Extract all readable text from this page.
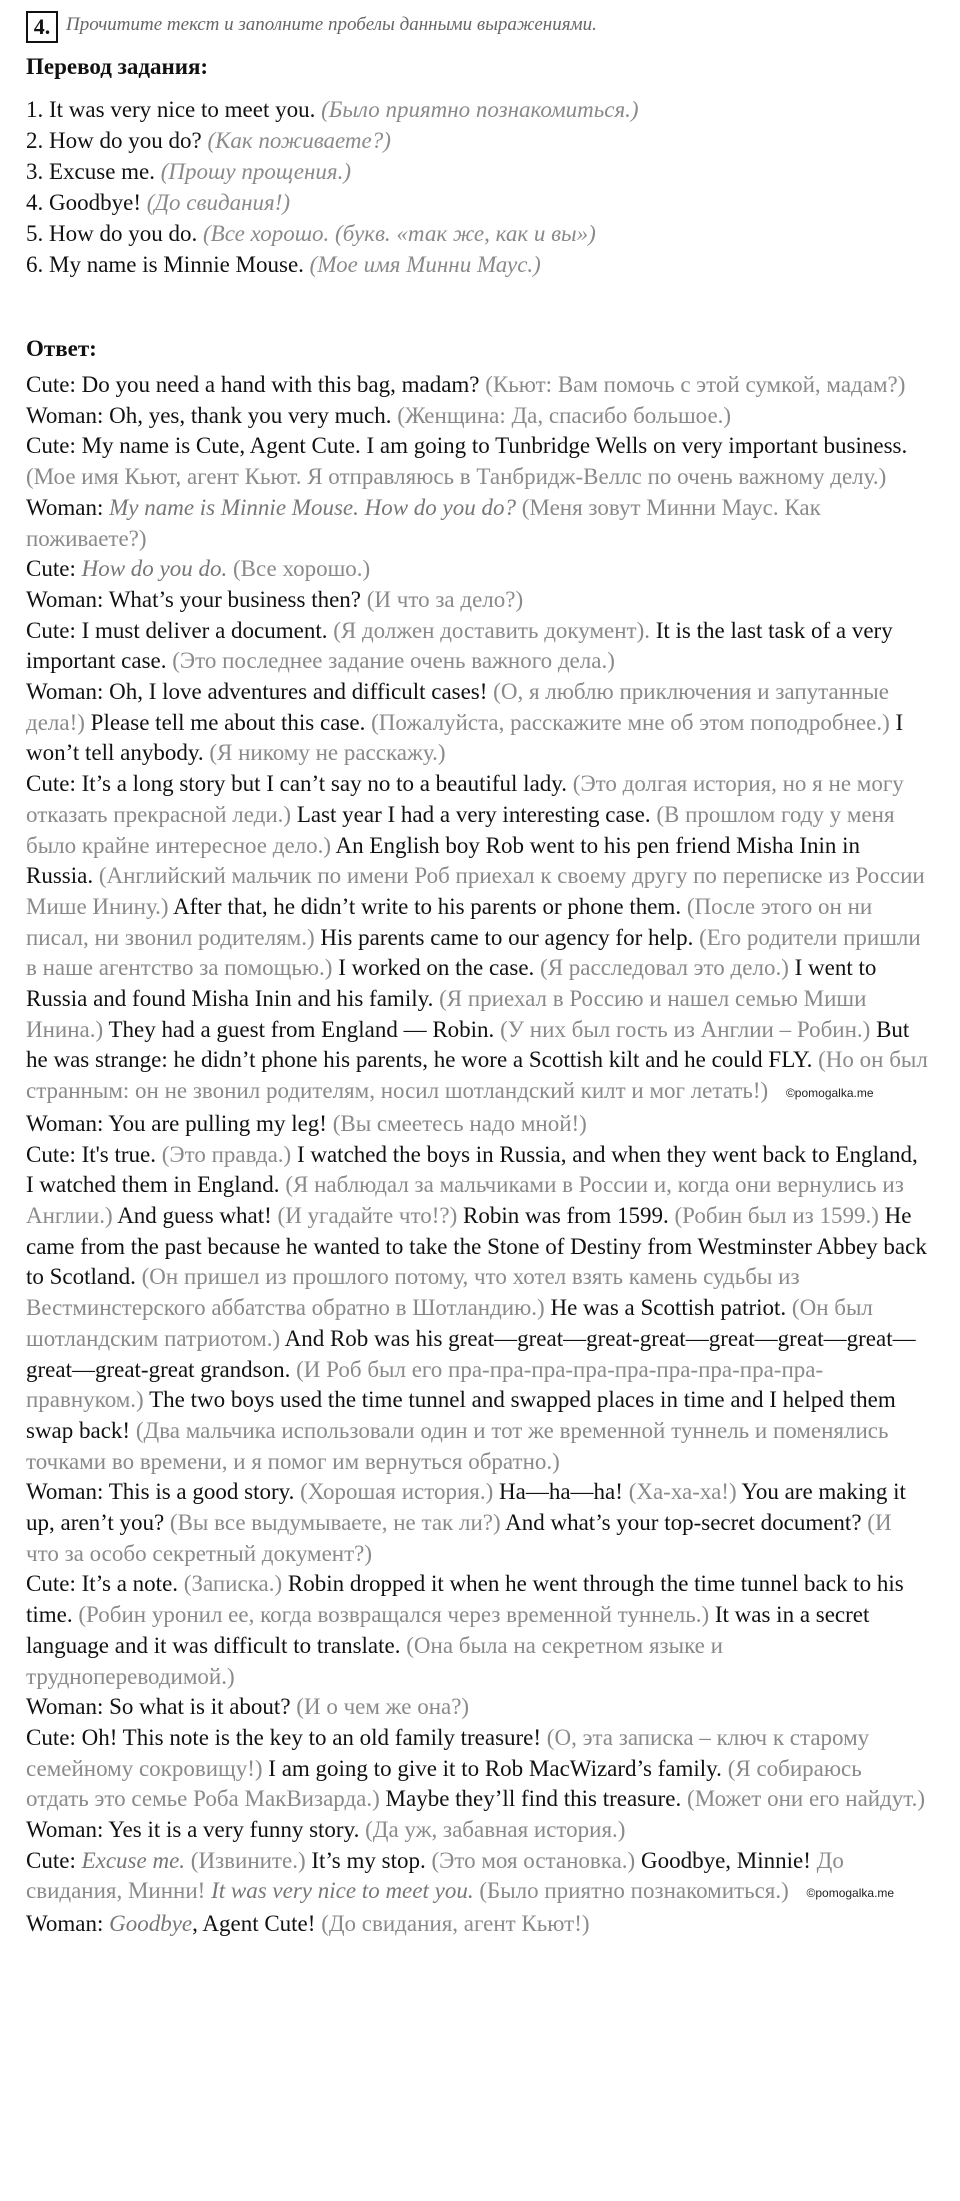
4. Прочитите текст и заполните пробелы данными выражениями.
Перевод задания:
1. It was very nice to meet you. (Было приятно познакомиться.)
2. How do you do? (Как поживаете?)
3. Excuse me. (Прошу прощения.)
4. Goodbye! (До свидания!)
5. How do you do. (Все хорошо. (букв. «так же, как и вы»)
6. My name is Minnie Mouse. (Мое имя Минни Маус.)
Ответ:

Cute: Do you need a hand with this bag, madam? (Кьют: Вам помочь с этой сумкой, мадам?)

Woman: Oh, yes, thank you very much. (Женщина: Да, спасибо большое.)

Cute: My name is Cute, Agent Cute. I am going to Tunbridge Wells on very important business. (Мое имя Кьют, агент Кьют. Я отправляюсь в Танбридж-Веллс по очень важному делу.)

Woman: My name is Minnie Mouse. How do you do? (Меня зовут Минни Маус. Как поживаете?)

Cute: How do you do. (Все хорошо.)

Woman: What’s your business then? (И что за дело?)

Cute: I must deliver a document. (Я должен доставить документ). It is the last task of a very important case. (Это последнее задание очень важного дела.)

Woman: Oh, I love adventures and difficult cases! (О, я люблю приключения и запутанные дела!) Please tell me about this case. (Пожалуйста, расскажите мне об этом поподробнее.) I won’t tell anybody. (Я никому не расскажу.)

Cute: It’s a long story but I can’t say no to a beautiful lady. (Это долгая история, но я не могу отказать прекрасной леди.) Last year I had a very interesting case. (В прошлом году у меня было крайне интересное дело.) An English boy Rob went to his pen friend Misha Inin in Russia. (Английский мальчик по имени Роб приехал к своему другу по переписке из России Мише Инину.) After that, he didn’t write to his parents or phone them. (После этого он ни писал, ни звонил родителям.) His parents came to our agency for help. (Его родители пришли в наше агентство за помощью.) I worked on the case. (Я расследовал это дело.) I went to Russia and found Misha Inin and his family. (Я приехал в Россию и нашел семью Миши Инина.) They had a guest from England — Robin. (У них был гость из Англии – Робин.) But he was strange: he didn’t phone his parents, he wore a Scottish kilt and he could FLY. (Но он был странным: он не звонил родителям, носил шотландский килт и мог летать!) ©pomogalka.me

Woman: You are pulling my leg! (Вы смеетесь надо мной!)

Cute: It's true. (Это правда.) I watched the boys in Russia, and when they went back to England, I watched them in England. (Я наблюдал за мальчиками в России и, когда они вернулись из Англии.) And guess what! (И угадайте что!?) Robin was from 1599. (Робин был из 1599.) He came from the past because he wanted to take the Stone of Destiny from Westminster Abbey back to Scotland. (Он пришел из прошлого потому, что хотел взять камень судьбы из Вестминстерского аббатства обратно в Шотландию.) He was a Scottish patriot. (Он был шотландским патриотом.) And Rob was his great—great—great-great—great—great—great—great—great-great grandson. (И Роб был его пра-пра-пра-пра-пра-пра-пра-пра-пра-правнуком.) The two boys used the time tunnel and swapped places in time and I helped them swap back! (Два мальчика использовали один и тот же временной туннель и поменялись точками во времени, и я помог им вернуться обратно.)

Woman: This is a good story. (Хорошая история.) Ha—ha—ha! (Ха-ха-ха!) You are making it up, aren’t you? (Вы все выдумываете, не так ли?) And what’s your top-secret document? (И что за особо секретный документ?)

Cute: It’s a note. (Записка.) Robin dropped it when he went through the time tunnel back to his time. (Робин уронил ее, когда возвращался через временной туннель.) It was in a secret language and it was difficult to translate. (Она была на секретном языке и труднопереводимой.)

Woman: So what is it about? (И о чем же она?)

Cute: Oh! This note is the key to an old family treasure! (О, эта записка – ключ к старому семейному сокровищу!) I am going to give it to Rob MacWizard’s family. (Я собираюсь отдать это семье Роба МакВизарда.) Maybe they’ll find this treasure. (Может они его найдут.)

Woman: Yes it is a very funny story. (Да уж, забавная история.)

Cute: Excuse me. (Извините.) It’s my stop. (Это моя остановка.) Goodbye, Minnie! До свидания, Минни! It was very nice to meet you. (Было приятно познакомиться.) ©pomogalka.me

Woman: Goodbye, Agent Cute! (До свидания, агент Кьют!)
